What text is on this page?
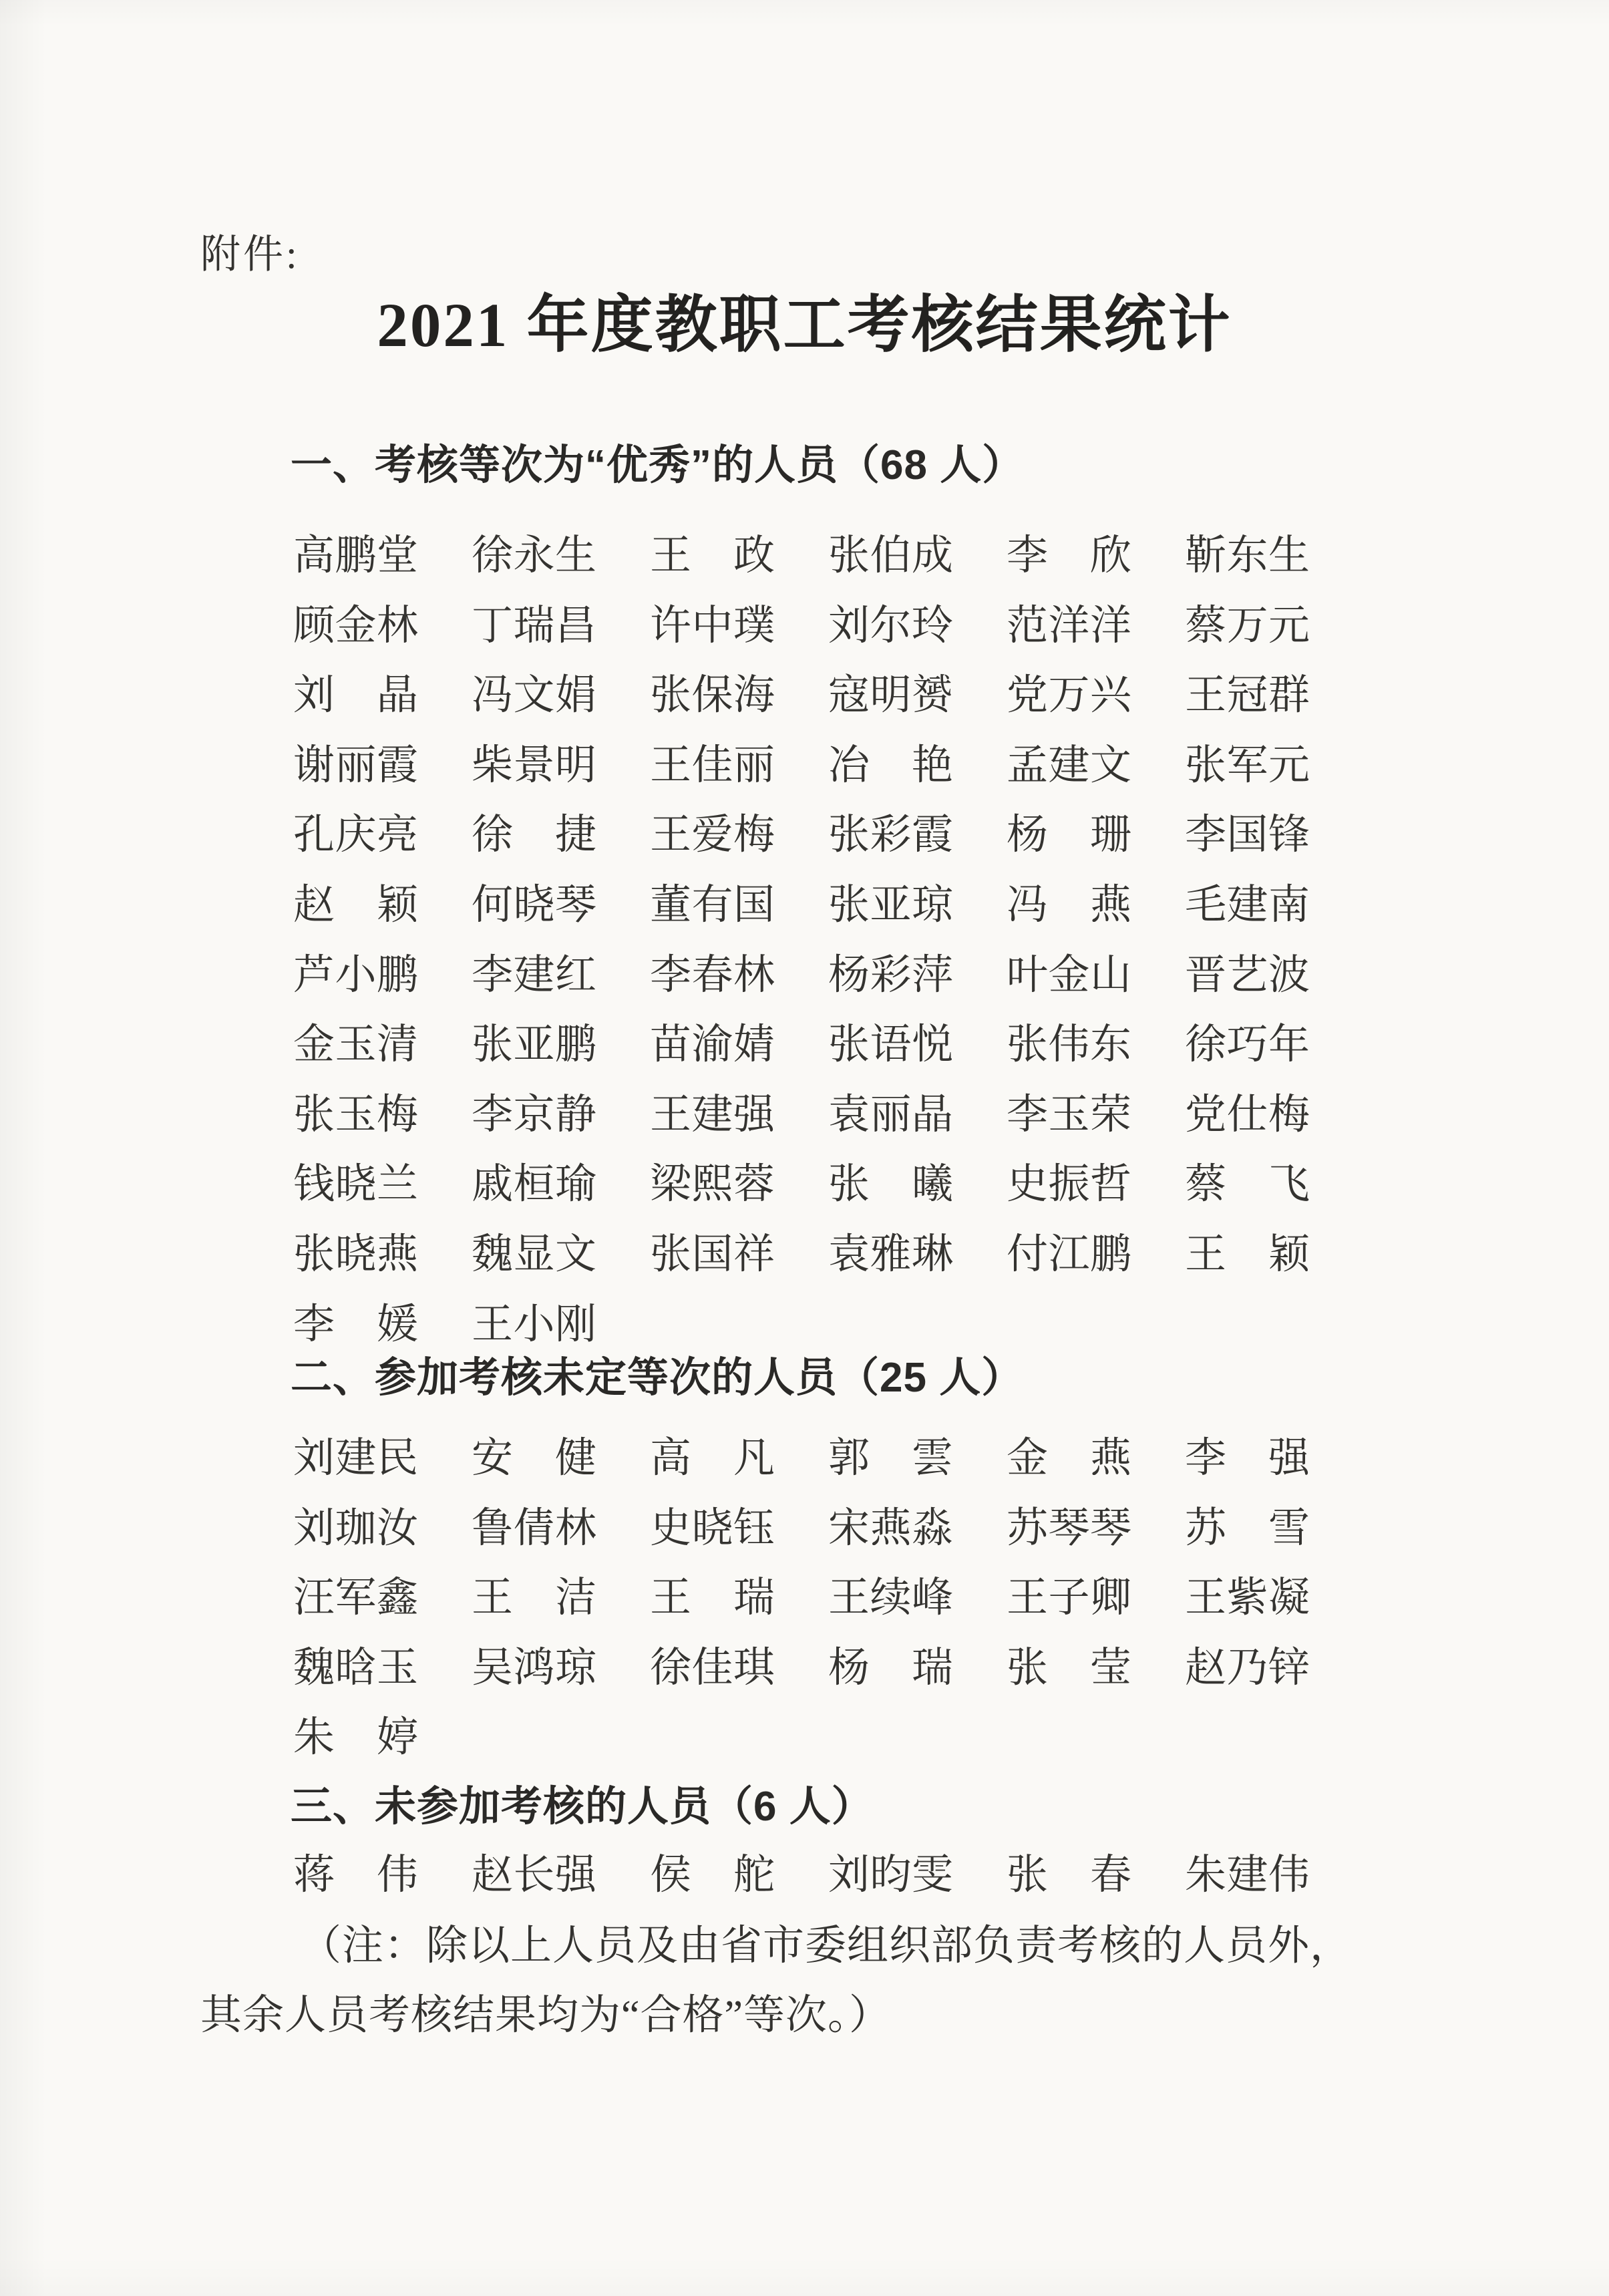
附件:
2021 年度教职工考核结果统计
一、考核等次为“优秀”的人员（68 人）
高鹏堂 徐永生 王　政 张伯成 李　欣 靳东生
顾金林 丁瑞昌 许中璞 刘尔玲 范洋洋 蔡万元
刘　晶 冯文娟 张保海 寇明赟 党万兴 王冠群
谢丽霞 柴景明 王佳丽 冶　艳 孟建文 张军元
孔庆亮 徐　捷 王爱梅 张彩霞 杨　珊 李国锋
赵　颖 何晓琴 董有国 张亚琼 冯　燕 毛建南
芦小鹏 李建红 李春林 杨彩萍 叶金山 晋艺波
金玉清 张亚鹏 苗渝婧 张语悦 张伟东 徐巧年
张玉梅 李京静 王建强 袁丽晶 李玉荣 党仕梅
钱晓兰 戚桓瑜 梁熙蓉 张　曦 史振哲 蔡　飞
张晓燕 魏显文 张国祥 袁雅琳 付江鹏 王　颖
李　媛 王小刚
二、参加考核未定等次的人员（25 人）
刘建民 安　健 高　凡 郭　雲 金　燕 李　强
刘珈汝 鲁倩林 史晓钰 宋燕淼 苏琴琴 苏　雪
汪军鑫 王　洁 王　瑞 王续峰 王子卿 王紫凝
魏晗玉 吴鸿琼 徐佳琪 杨　瑞 张　莹 赵乃锌
朱　婷
三、未参加考核的人员（6 人）
蒋　伟 赵长强 侯　舵 刘昀雯 张　春 朱建伟
（注：除以上人员及由省市委组织部负责考核的人员外，
其余人员考核结果均为“合格”等次。）
